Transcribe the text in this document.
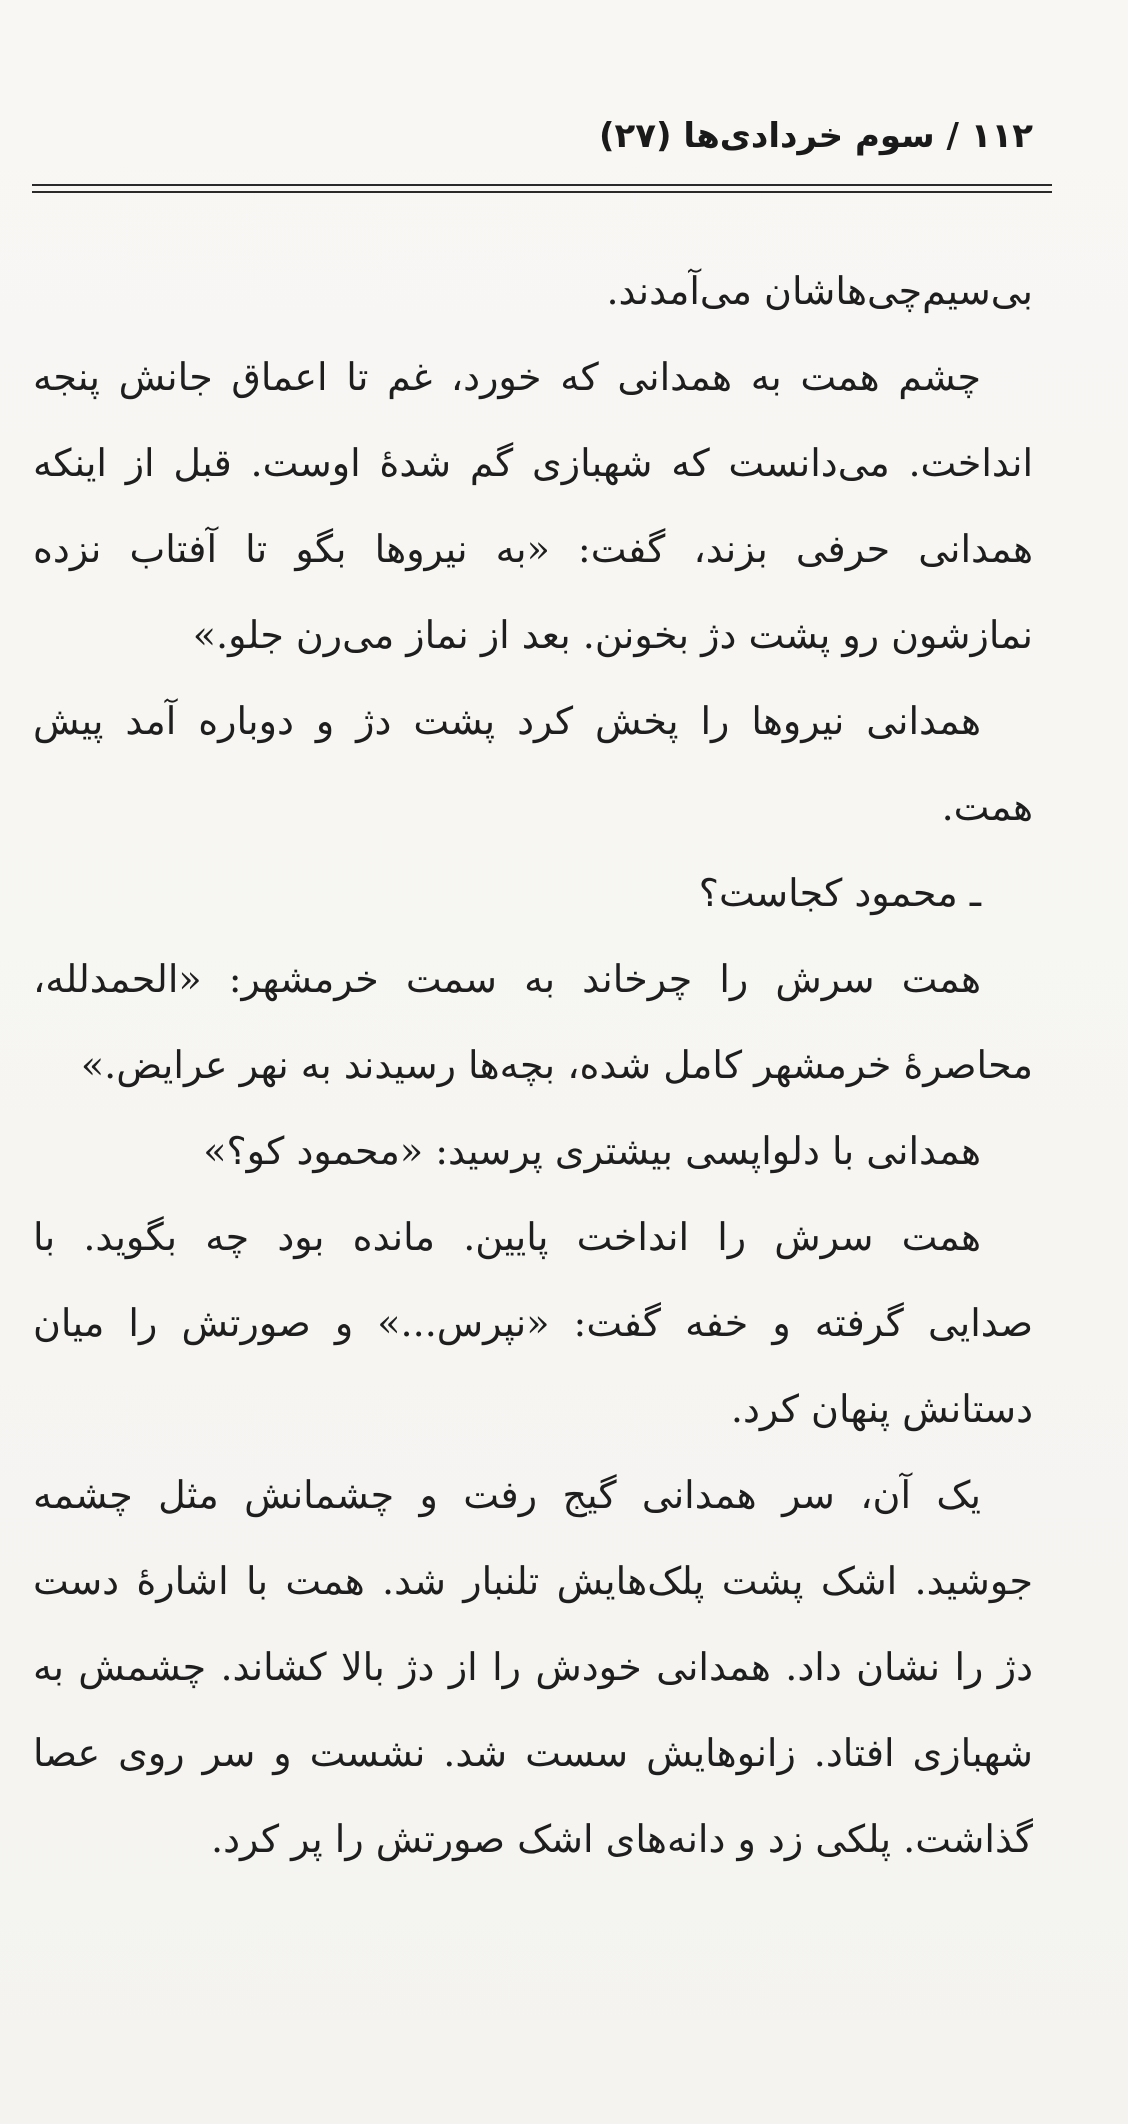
۱۱۲ / سوم خردادی‌ها (۲۷)
بی‌سیم‌چی‌هاشان می‌آمدند.
چشم همت به همدانی که خورد، غم تا اعماق جانش پنجه
انداخت. می‌دانست که شهبازی گم شدهٔ اوست. قبل از اینکه
همدانی حرفی بزند، گفت: «به نیروها بگو تا آفتاب نزده
نمازشون رو پشت دژ بخونن. بعد از نماز می‌رن جلو.»
همدانی نیروها را پخش کرد پشت دژ و دوباره آمد پیش
همت.
ـ محمود کجاست؟
همت سرش را چرخاند به سمت خرمشهر: «الحمدلله،
محاصرهٔ خرمشهر کامل شده، بچه‌ها رسیدند به نهر عرایض.»
همدانی با دلواپسی بیشتری پرسید: «محمود کو؟»
همت سرش را انداخت پایین. مانده بود چه بگوید. با
صدایی گرفته و خفه گفت: «نپرس...» و صورتش را میان
دستانش پنهان کرد.
یک آن، سر همدانی گیج رفت و چشمانش مثل چشمه
جوشید. اشک پشت پلک‌هایش تلنبار شد. همت با اشارهٔ دست
دژ را نشان داد. همدانی خودش را از دژ بالا کشاند. چشمش به
شهبازی افتاد. زانوهایش سست شد. نشست و سر روی عصا
گذاشت. پلکی زد و دانه‌های اشک صورتش را پر کرد.
